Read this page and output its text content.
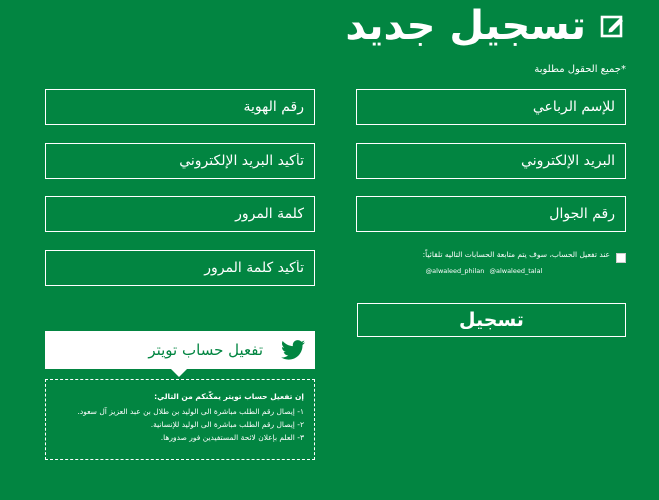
تسجيل جديد
*جميع الحقول مطلوبة
للإسم الرباعي
رقم الهوية
البريد الإلكتروني
تأكيد البريد الإلكتروني
رقم الجوال
عند تفعيل الحساب، سوف يتم متابعة الحسابات التاليه تلقائياً:
@alwaleed_philan @alwaleed_talal
تسجيل
تفعيل حساب تويتر
إن تفعيل حساب تويتر يمكّنكم من التالي:
١- إيصال رقم الطلب مباشرة الى الوليد بن طلال بن عبد العزيز آل سعود.
٢- إيصال رقم الطلب مباشرة الى الوليد للإنسانية.
٣- العلم بإعلان لائحة المستفيدين فور صدورها.
